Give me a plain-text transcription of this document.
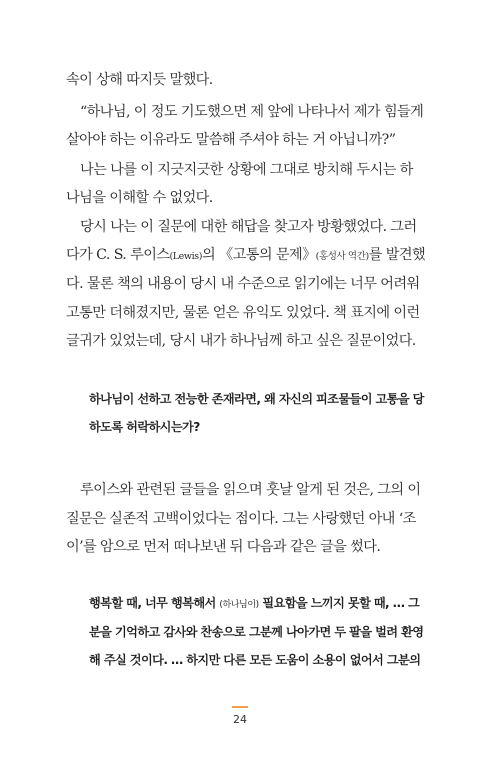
속이 상해 따지듯 말했다.
“하나님, 이 정도 기도했으면 제 앞에 나타나서 제가 힘들게
살아야 하는 이유라도 말씀해 주셔야 하는 거 아닙니까?”
나는 나를 이 지긋지긋한 상황에 그대로 방치해 두시는 하
나님을 이해할 수 없었다.
당시 나는 이 질문에 대한 해답을 찾고자 방황했었다. 그러
다가 C. S. 루이스(Lewis)의 《고통의 문제》(홍성사 역간)를 발견했
다. 물론 책의 내용이 당시 내 수준으로 읽기에는 너무 어려워
고통만 더해졌지만, 물론 얻은 유익도 있었다. 책 표지에 이런
글귀가 있었는데, 당시 내가 하나님께 하고 싶은 질문이었다.
하나님이 선하고 전능한 존재라면, 왜 자신의 피조물들이 고통을 당
하도록 허락하시는가?
루이스와 관련된 글들을 읽으며 훗날 알게 된 것은, 그의 이
질문은 실존적 고백이었다는 점이다. 그는 사랑했던 아내 ‘조
이’를 암으로 먼저 떠나보낸 뒤 다음과 같은 글을 썼다.
행복할 때, 너무 행복해서 (하나님이) 필요함을 느끼지 못할 때, … 그
분을 기억하고 감사와 찬송으로 그분께 나아가면 두 팔을 벌려 환영
해 주실 것이다. … 하지만 다른 모든 도움이 소용이 없어서 그분의
24
